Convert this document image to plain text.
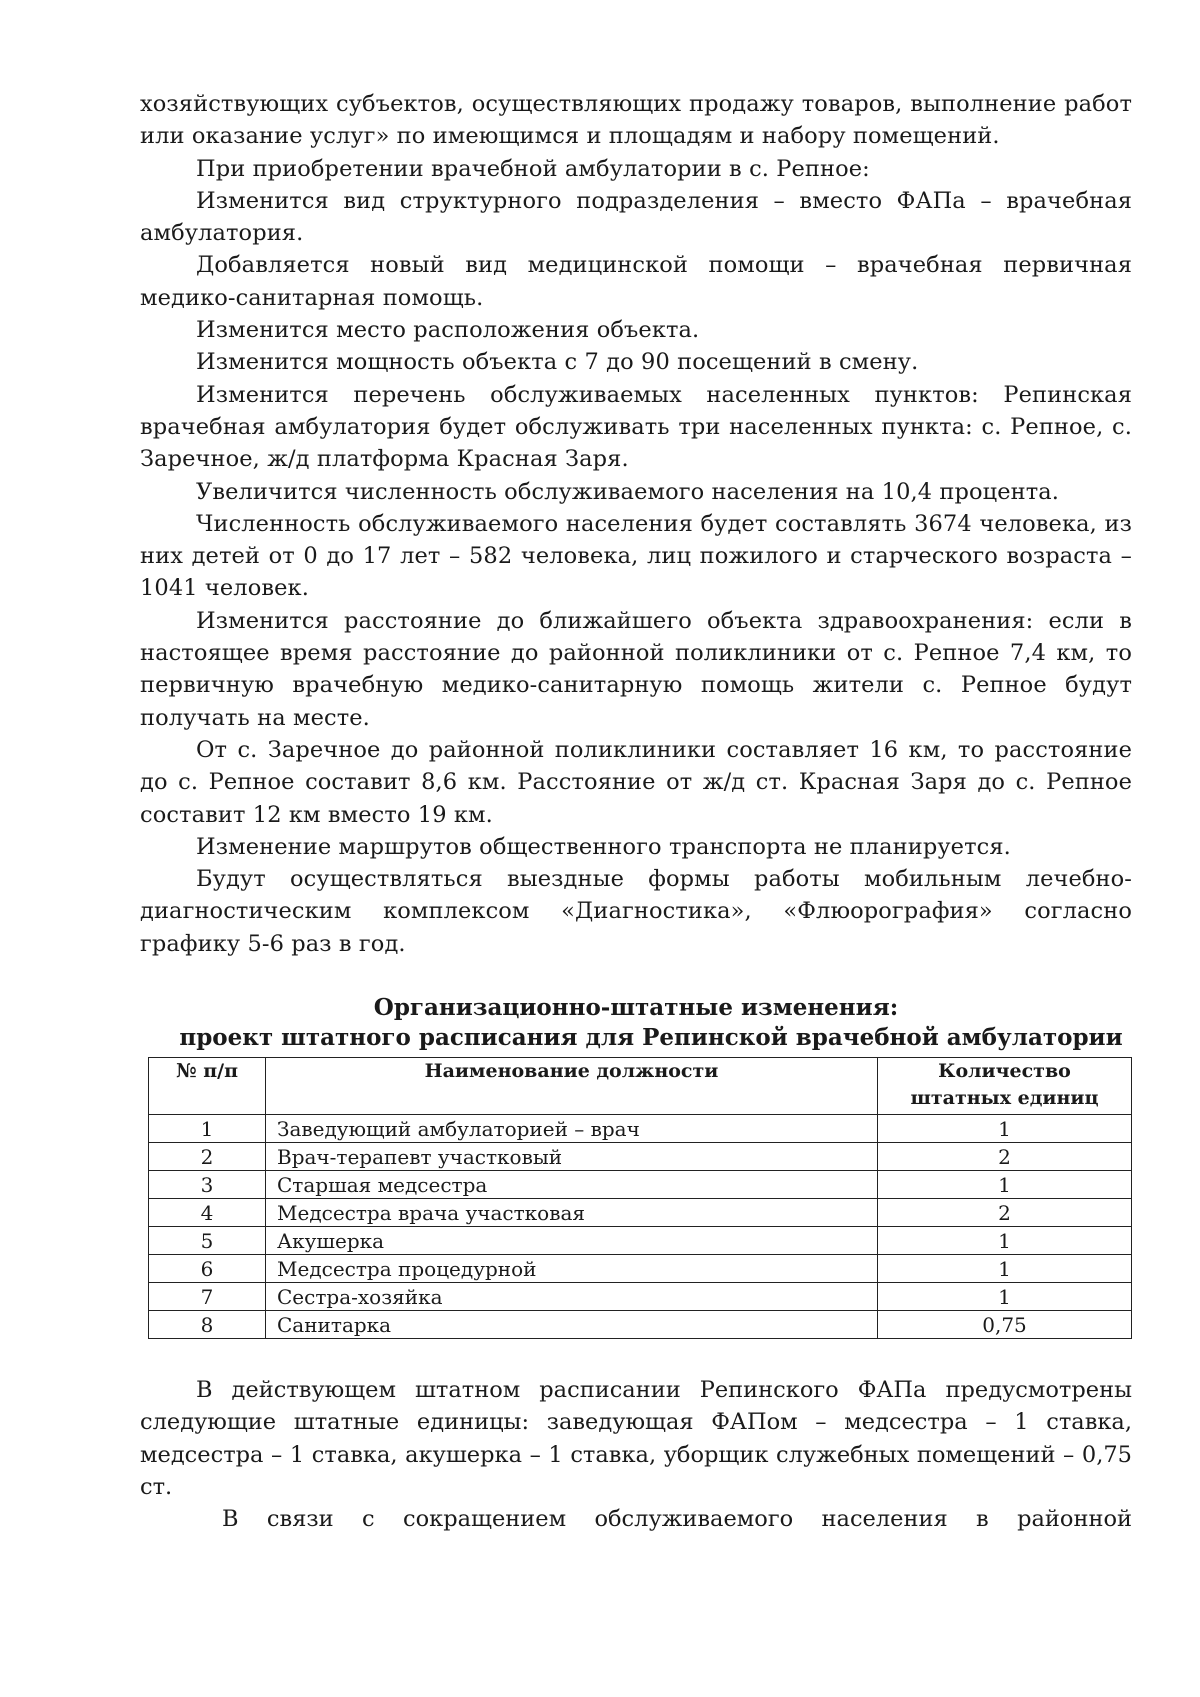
хозяйствующих субъектов, осуществляющих продажу товаров, выполнение работ или оказание услуг» по имеющимся и площадям и набору помещений.

При приобретении врачебной амбулатории в с. Репное:

Изменится вид структурного подразделения – вместо ФАПа – врачебная амбулатория.

Добавляется новый вид медицинской помощи – врачебная первичная медико-санитарная помощь.

Изменится место расположения объекта.

Изменится мощность объекта с 7 до 90 посещений в смену.

Изменится перечень обслуживаемых населенных пунктов: Репинская врачебная амбулатория будет обслуживать три населенных пункта: с. Репное, с. Заречное, ж/д платформа Красная Заря.

Увеличится численность обслуживаемого населения на 10,4 процента.

Численность обслуживаемого населения будет составлять 3674 человека, из них детей от 0 до 17 лет – 582 человека, лиц пожилого и старческого возраста – 1041 человек.

Изменится расстояние до ближайшего объекта здравоохранения: если в настоящее время расстояние до районной поликлиники от с. Репное 7,4 км, то первичную врачебную медико-санитарную помощь жители с. Репное будут получать на месте.

От с. Заречное до районной поликлиники составляет 16 км, то расстояние до с. Репное составит 8,6 км. Расстояние от ж/д ст. Красная Заря до с. Репное составит 12 км вместо 19 км.

Изменение маршрутов общественного транспорта не планируется.

Будут осуществляться выездные формы работы мобильным лечебно-диагностическим комплексом «Диагностика», «Флюорография» согласно графику 5-6 раз в год.

Организационно-штатные изменения:
проект штатного расписания для Репинской врачебной амбулатории
№ п/п	Наименование должности	Количество штатных единиц
1	Заведующий амбулаторией – врач	1
2	Врач-терапевт участковый	2
3	Старшая медсестра	1
4	Медсестра врача участковая	2
5	Акушерка	1
6	Медсестра процедурной	1
7	Сестра-хозяйка	1
8	Санитарка	0,75

В действующем штатном расписании Репинского ФАПа предусмотрены следующие штатные единицы: заведующая ФАПом – медсестра – 1 ставка, медсестра – 1 ставка, акушерка – 1 ставка, уборщик служебных помещений – 0,75 ст.

В связи с сокращением обслуживаемого населения в районной
